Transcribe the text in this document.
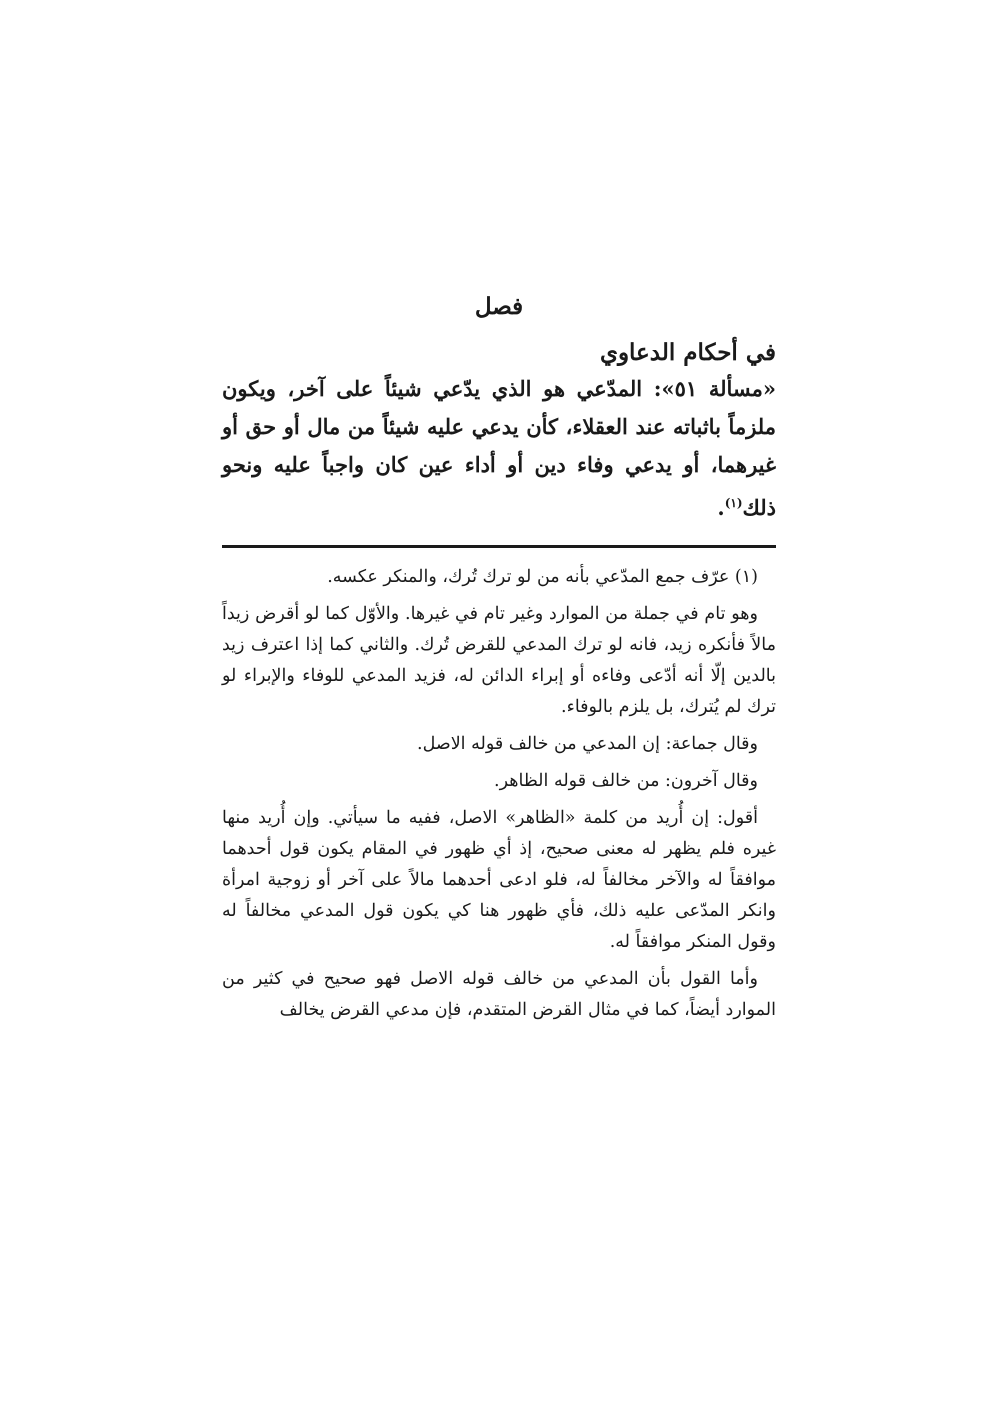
فصل
في أحكام الدعاوي

«مسألة ٥١»: المدّعي هو الذي يدّعي شيئاً على آخر، ويكون ملزماً باثباته عند العقلاء، كأن يدعي عليه شيئاً من مال أو حق أو غيرهما، أو يدعي وفاء دين أو أداء عين كان واجباً عليه ونحو ذلك$^{(١)}$.

(١) عرّف جمع المدّعي بأنه من لو ترك تُرك، والمنكر عكسه.

وهو تام في جملة من الموارد وغير تام في غيرها. والأوّل كما لو أقرض زيداً مالاً فأنكره زيد، فانه لو ترك المدعي للقرض تُرك. والثاني كما إذا اعترف زيد بالدين إلّا أنه أدّعى وفاءه أو إبراء الدائن له، فزيد المدعي للوفاء والإبراء لو ترك لم يُترك، بل يلزم بالوفاء.

وقال جماعة: إن المدعي من خالف قوله الاصل.

وقال آخرون: من خالف قوله الظاهر.

أقول: إن أُريد من كلمة «الظاهر» الاصل، ففيه ما سيأتي. وإن أُريد منها غيره فلم يظهر له معنى صحيح، إذ أي ظهور في المقام يكون قول أحدهما موافقاً له والآخر مخالفاً له، فلو ادعى أحدهما مالاً على آخر أو زوجية امرأة وانكر المدّعى عليه ذلك، فأي ظهور هنا كي يكون قول المدعي مخالفاً له وقول المنكر موافقاً له.

وأما القول بأن المدعي من خالف قوله الاصل فهو صحيح في كثير من الموارد أيضاً، كما في مثال القرض المتقدم، فإن مدعي القرض يخالف
